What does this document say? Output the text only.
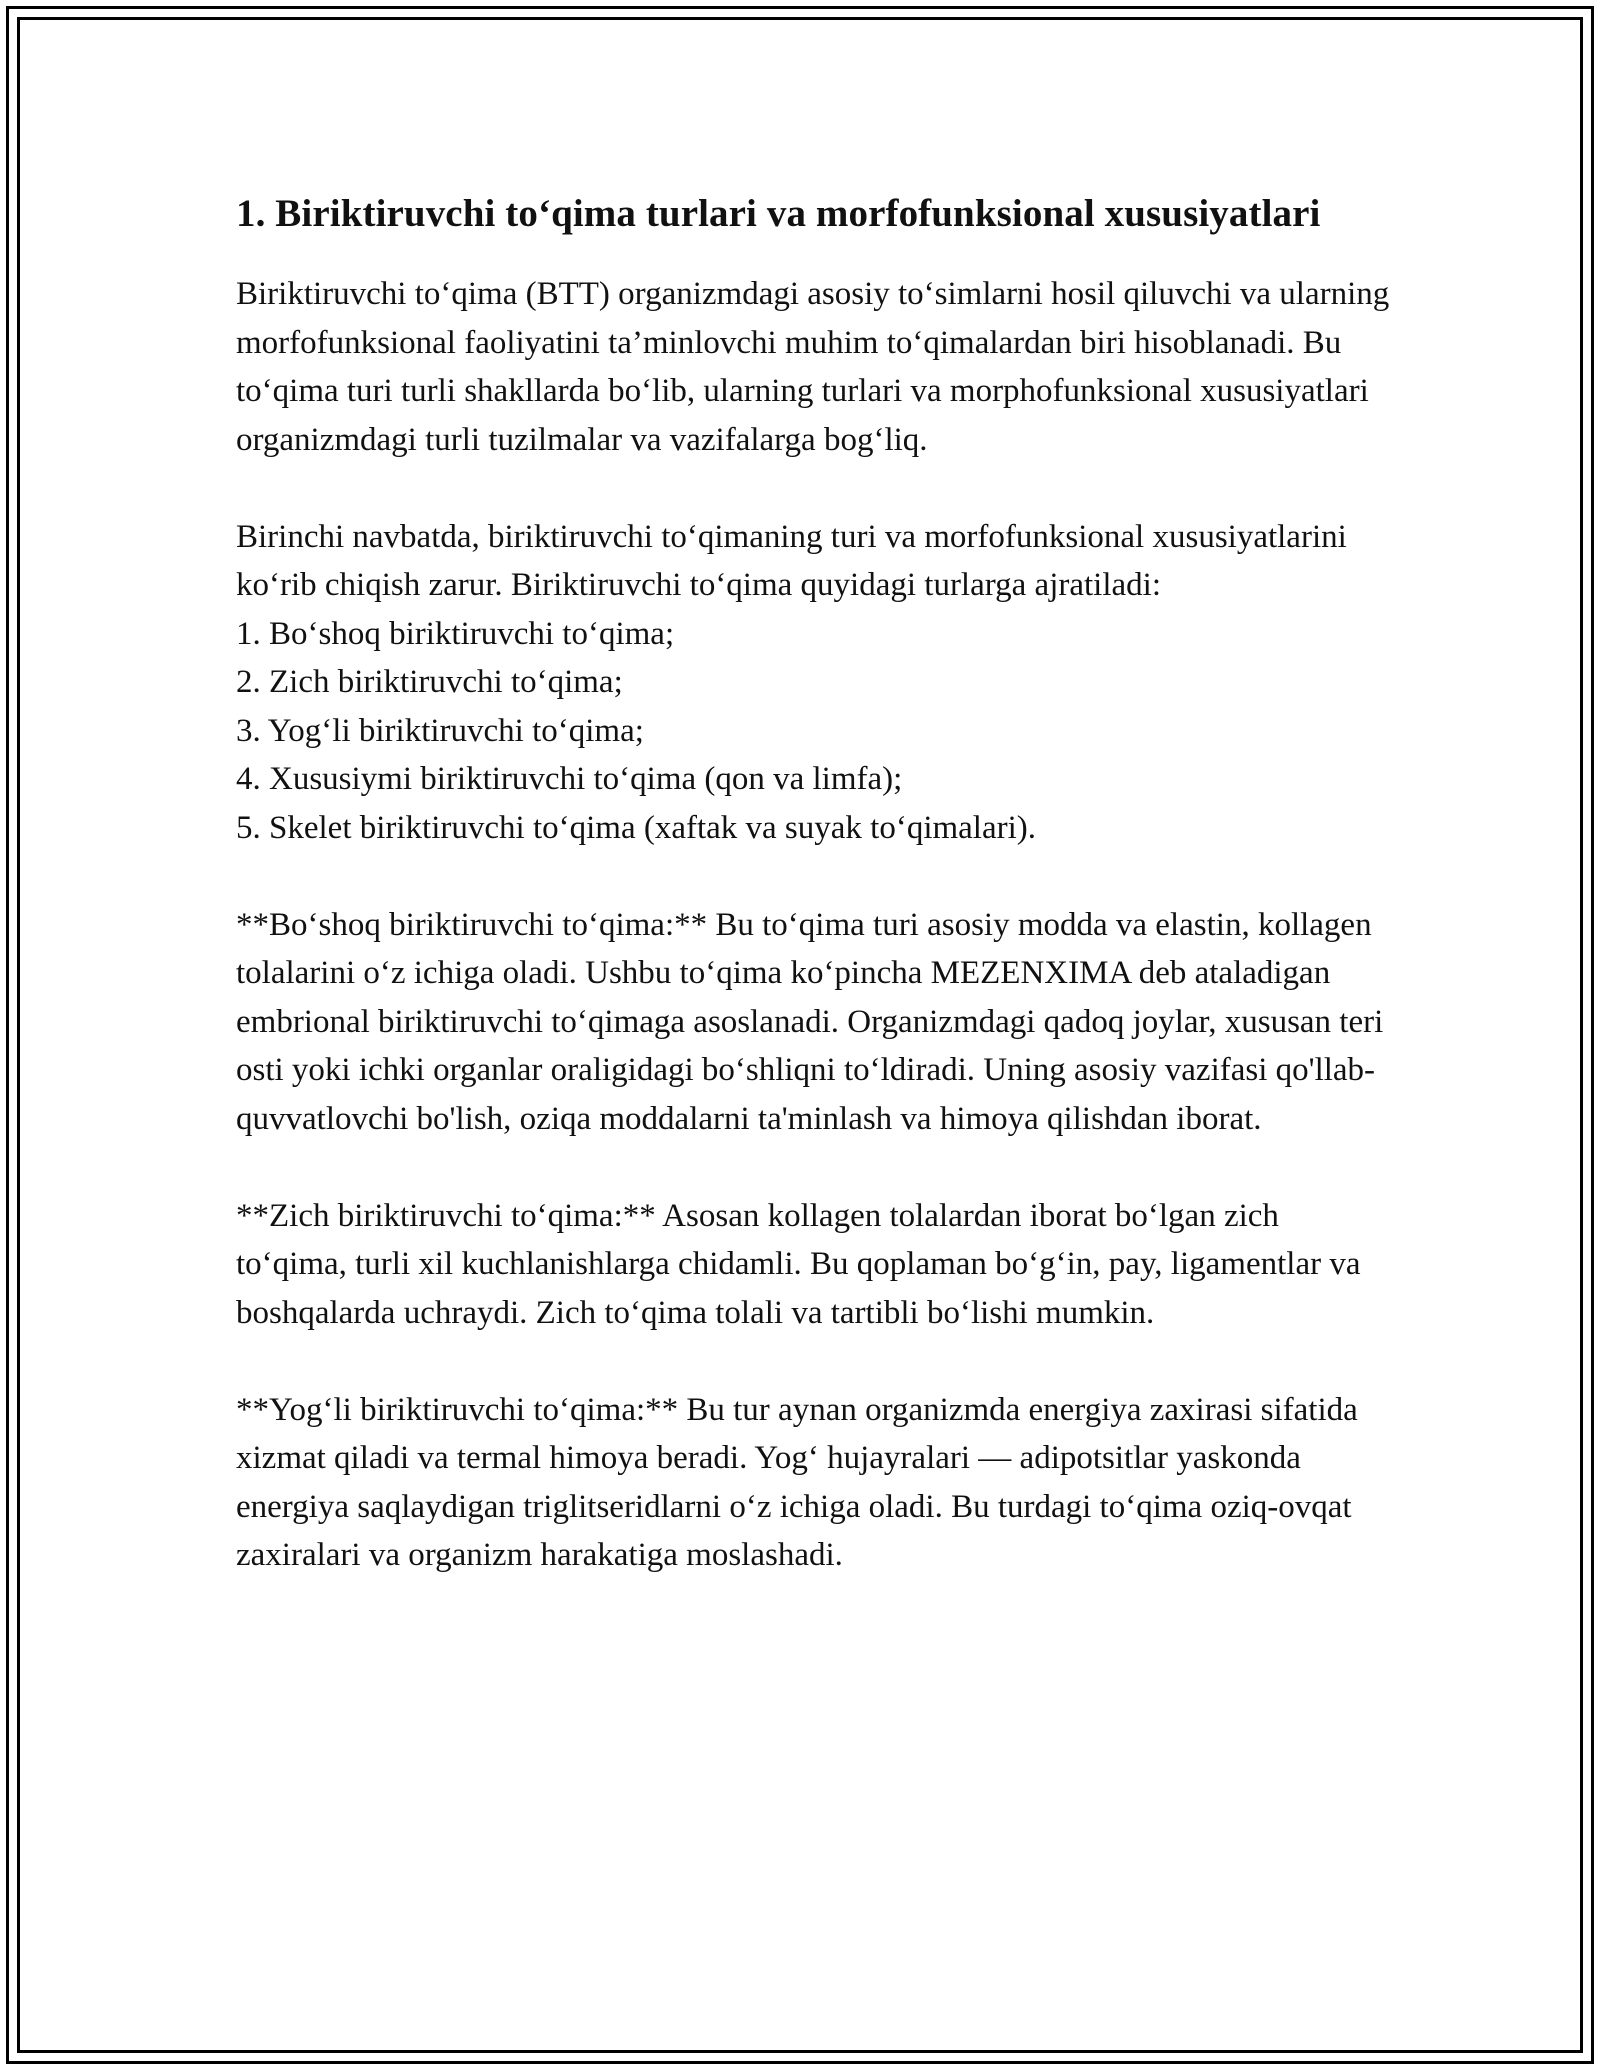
1. Biriktiruvchi to‘qima turlari va morfofunksional xususiyatlari

Biriktiruvchi to‘qima (BTT) organizmdagi asosiy to‘simlarni hosil qiluvchi va ularning morfofunksional faoliyatini ta’minlovchi muhim to‘qimalardan biri hisoblanadi. Bu to‘qima turi turli shakllarda bo‘lib, ularning turlari va morphofunksional xususiyatlari organizmdagi turli tuzilmalar va vazifalarga bog‘liq.

Birinchi navbatda, biriktiruvchi to‘qimaning turi va morfofunksional xususiyatlarini ko‘rib chiqish zarur. Biriktiruvchi to‘qima quyidagi turlarga ajratiladi:
1. Bo‘shoq biriktiruvchi to‘qima;
2. Zich biriktiruvchi to‘qima;
3. Yog‘li biriktiruvchi to‘qima;
4. Xususiymi biriktiruvchi to‘qima (qon va limfa);
5. Skelet biriktiruvchi to‘qima (xaftak va suyak to‘qimalari).

**Bo‘shoq biriktiruvchi to‘qima:** Bu to‘qima turi asosiy modda va elastin, kollagen tolalarini o‘z ichiga oladi. Ushbu to‘qima ko‘pincha MEZENXIMA deb ataladigan embrional biriktiruvchi to‘qimaga asoslanadi. Organizmdagi qadoq joylar, xususan teri osti yoki ichki organlar oraligidagi bo‘shliqni to‘ldiradi. Uning asosiy vazifasi qo'llab-quvvatlovchi bo'lish, oziqa moddalarni ta'minlash va himoya qilishdan iborat.

**Zich biriktiruvchi to‘qima:** Asosan kollagen tolalardan iborat bo‘lgan zich to‘qima, turli xil kuchlanishlarga chidamli. Bu qoplaman bo‘g‘in, pay, ligamentlar va boshqalarda uchraydi. Zich to‘qima tolali va tartibli bo‘lishi mumkin.

**Yog‘li biriktiruvchi to‘qima:** Bu tur aynan organizmda energiya zaxirasi sifatida xizmat qiladi va termal himoya beradi. Yog‘ hujayralari — adipotsitlar yaskonda energiya saqlaydigan triglitseridlarni o‘z ichiga oladi. Bu turdagi to‘qima oziq-ovqat zaxiralari va organizm harakatiga moslashadi.
